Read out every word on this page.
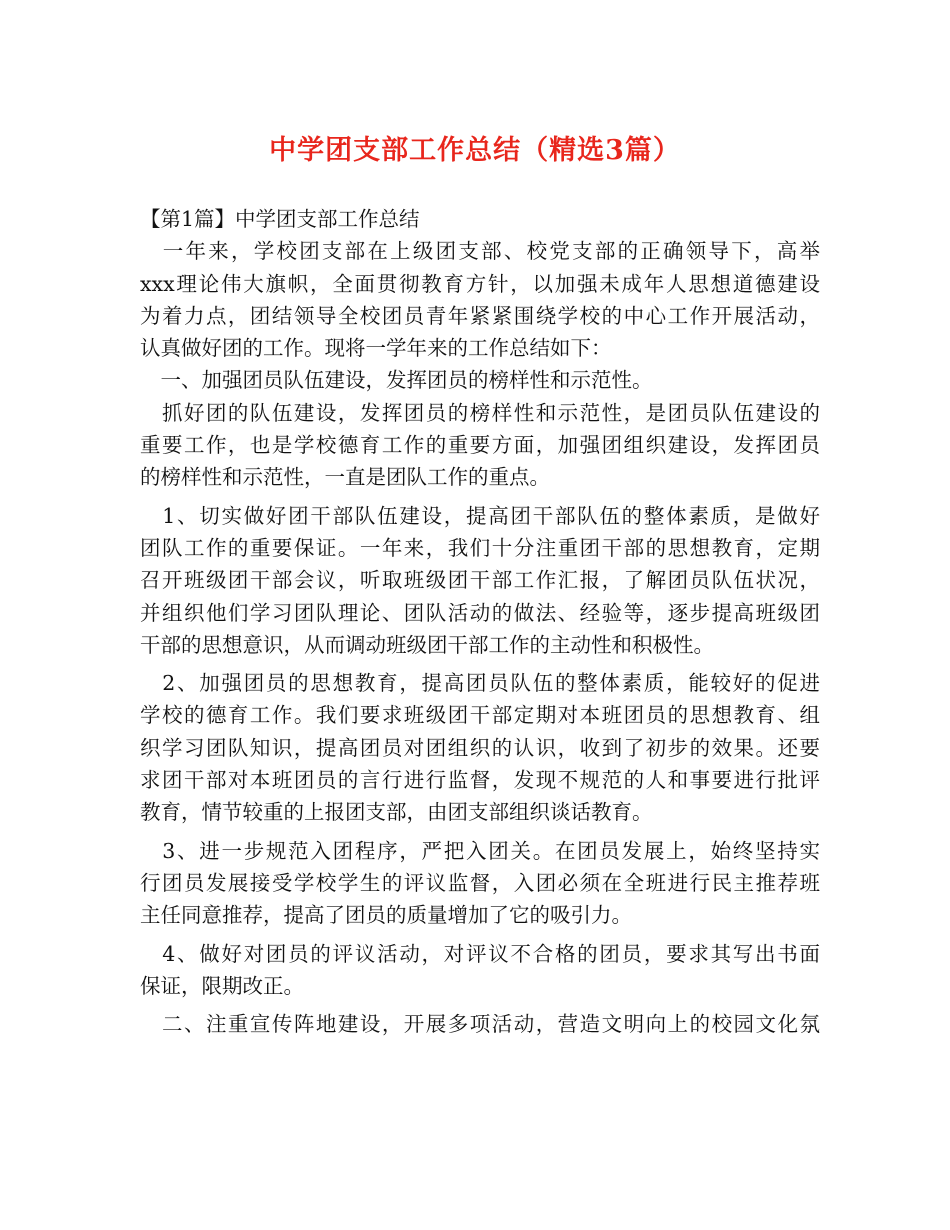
中学团支部工作总结（精选3篇）
【第1篇】中学团支部工作总结
　一年来，学校团支部在上级团支部、校党支部的正确领导下，高举
xxx理论伟大旗帜，全面贯彻教育方针，以加强未成年人思想道德建设
为着力点，团结领导全校团员青年紧紧围绕学校的中心工作开展活动，
认真做好团的工作。现将一学年来的工作总结如下：
　一、加强团员队伍建设，发挥团员的榜样性和示范性。
　抓好团的队伍建设，发挥团员的榜样性和示范性，是团员队伍建设的
重要工作，也是学校德育工作的重要方面，加强团组织建设，发挥团员
的榜样性和示范性，一直是团队工作的重点。
　1、切实做好团干部队伍建设，提高团干部队伍的整体素质，是做好
团队工作的重要保证。一年来，我们十分注重团干部的思想教育，定期
召开班级团干部会议，听取班级团干部工作汇报，了解团员队伍状况，
并组织他们学习团队理论、团队活动的做法、经验等，逐步提高班级团
干部的思想意识，从而调动班级团干部工作的主动性和积极性。
　2、加强团员的思想教育，提高团员队伍的整体素质，能较好的促进
学校的德育工作。我们要求班级团干部定期对本班团员的思想教育、组
织学习团队知识，提高团员对团组织的认识，收到了初步的效果。还要
求团干部对本班团员的言行进行监督，发现不规范的人和事要进行批评
教育，情节较重的上报团支部，由团支部组织谈话教育。
　3、进一步规范入团程序，严把入团关。在团员发展上，始终坚持实
行团员发展接受学校学生的评议监督，入团必须在全班进行民主推荐班
主任同意推荐，提高了团员的质量增加了它的吸引力。
　4、做好对团员的评议活动，对评议不合格的团员，要求其写出书面
保证，限期改正。
　二、注重宣传阵地建设，开展多项活动，营造文明向上的校园文化氛
